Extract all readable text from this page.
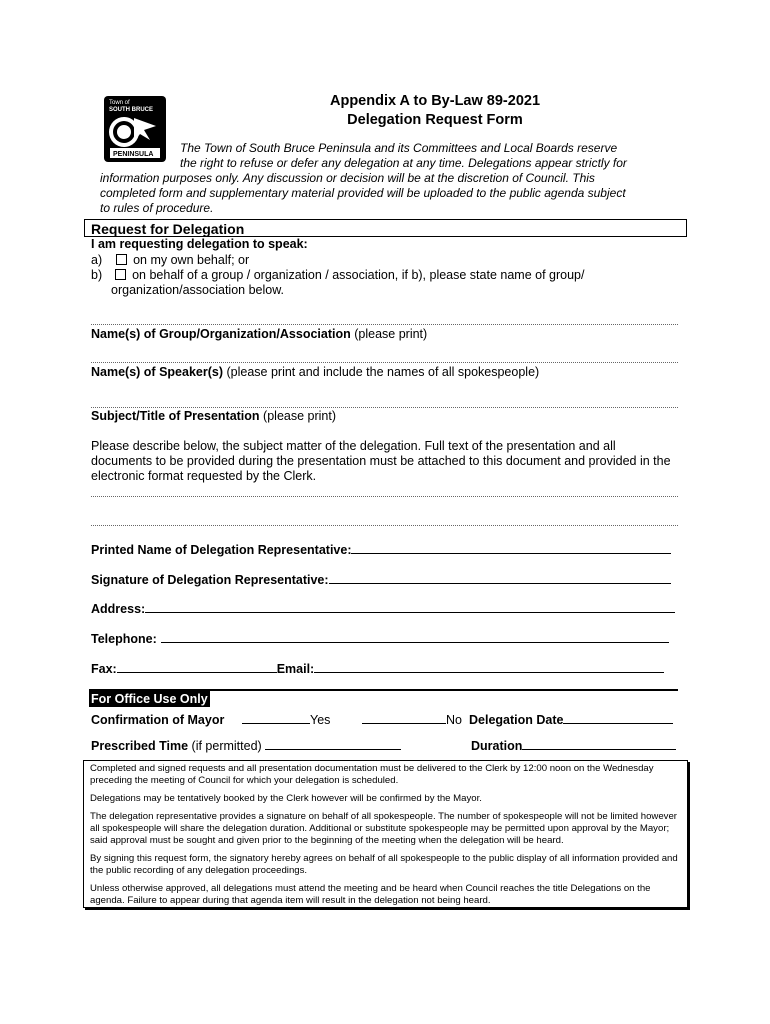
Town of
SOUTH BRUCE
PENINSULA
Appendix A to By-Law 89-2021
Delegation Request Form

The Town of South Bruce Peninsula and its Committees and Local Boards reserve

the right to refuse or defer any delegation at any time. Delegations appear strictly for

information purposes only. Any discussion or decision will be at the discretion of Council. This

completed form and supplementary material provided will be uploaded to the public agenda subject

to rules of procedure.

Request for Delegation
I am requesting delegation to speak:
a) on my own behalf; or
b) on behalf of a group / organization / association, if b), please state name of group/
organization/association below.
Name(s) of Group/Organization/Association (please print)
Name(s) of Speaker(s) (please print and include the names of all spokespeople)
Subject/Title of Presentation (please print)
Please describe below, the subject matter of the delegation. Full text of the presentation and all
documents to be provided during the presentation must be attached to this document and provided in the
electronic format requested by the Clerk.
Printed Name of Delegation Representative:
Signature of Delegation Representative:
Address:
Telephone:
Fax:	Email:
For Office Use Only
Confirmation of Mayor	Yes	No Delegation Date
Prescribed Time (if permitted)	Duration

Completed and signed requests and all presentation documentation must be delivered to the Clerk by 12:00 noon on the Wednesday preceding the meeting of Council for which your delegation is scheduled.

Delegations may be tentatively booked by the Clerk however will be confirmed by the Mayor.

The delegation representative provides a signature on behalf of all spokespeople. The number of spokespeople will not be limited however all spokespeople will share the delegation duration. Additional or substitute spokespeople may be permitted upon approval by the Mayor; said approval must be sought and given prior to the beginning of the meeting when the delegation will be heard.

By signing this request form, the signatory hereby agrees on behalf of all spokespeople to the public display of all information provided and the public recording of any delegation proceedings.

Unless otherwise approved, all delegations must attend the meeting and be heard when Council reaches the title Delegations on the agenda. Failure to appear during that agenda item will result in the delegation not being heard.
